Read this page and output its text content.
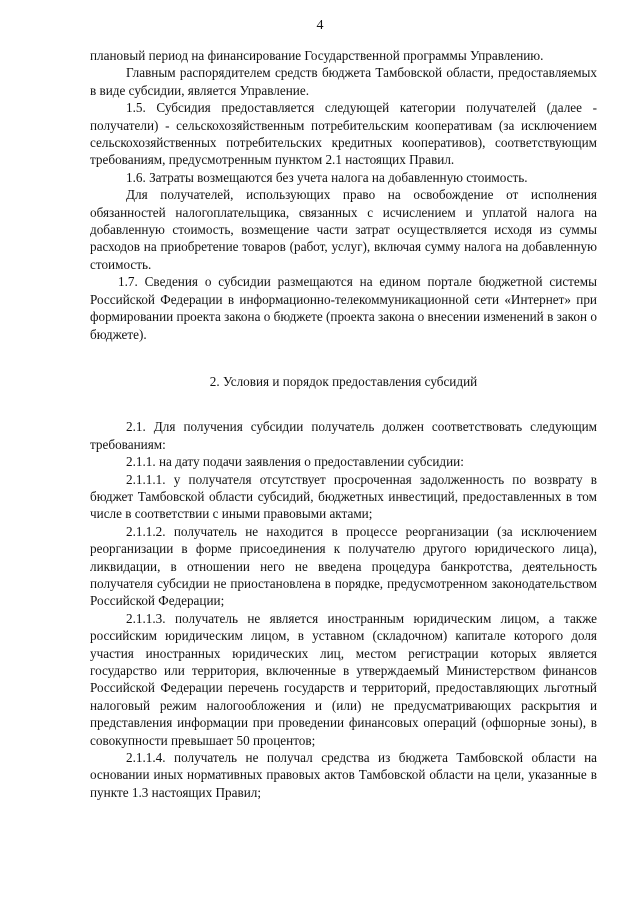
4

плановый период на финансирование Государственной программы Управлению.

Главным распорядителем средств бюджета Тамбовской области, предоставляемых в виде субсидии, является Управление.

1.5. Субсидия предоставляется следующей категории получателей (далее - получатели) - сельскохозяйственным потребительским кооперативам (за исключением сельскохозяйственных потребительских кредитных кооперативов), соответствующим требованиям, предусмотренным пунктом 2.1 настоящих Правил.

1.6. Затраты возмещаются без учета налога на добавленную стоимость.

Для получателей, использующих право на освобождение от исполнения обязанностей налогоплательщика, связанных с исчислением и уплатой налога на добавленную стоимость, возмещение части затрат осуществляется исходя из суммы расходов на приобретение товаров (работ, услуг), включая сумму налога на добавленную стоимость.

1.7. Сведения о субсидии размещаются на едином портале бюджетной системы Российской Федерации в информационно-телекоммуникационной сети «Интернет» при формировании проекта закона о бюджете (проекта закона о внесении изменений в закон о бюджете).

2. Условия и порядок предоставления субсидий

2.1. Для получения субсидии получатель должен соответствовать следующим требованиям:

2.1.1. на дату подачи заявления о предоставлении субсидии:

2.1.1.1. у получателя отсутствует просроченная задолженность по возврату в бюджет Тамбовской области субсидий, бюджетных инвестиций, предоставленных в том числе в соответствии с иными правовыми актами;

2.1.1.2. получатель не находится в процессе реорганизации (за исключением реорганизации в форме присоединения к получателю другого юридического лица), ликвидации, в отношении него не введена процедура банкротства, деятельность получателя субсидии не приостановлена в порядке, предусмотренном законодательством Российской Федерации;

2.1.1.3. получатель не является иностранным юридическим лицом, а также российским юридическим лицом, в уставном (складочном) капитале которого доля участия иностранных юридических лиц, местом регистрации которых является государство или территория, включенные в утверждаемый Министерством финансов Российской Федерации перечень государств и территорий, предоставляющих льготный налоговый режим налогообложения и (или) не предусматривающих раскрытия и представления информации при проведении финансовых операций (офшорные зоны), в совокупности превышает 50 процентов;

2.1.1.4. получатель не получал средства из бюджета Тамбовской области на основании иных нормативных правовых актов Тамбовской области на цели, указанные в пункте 1.3 настоящих Правил;
